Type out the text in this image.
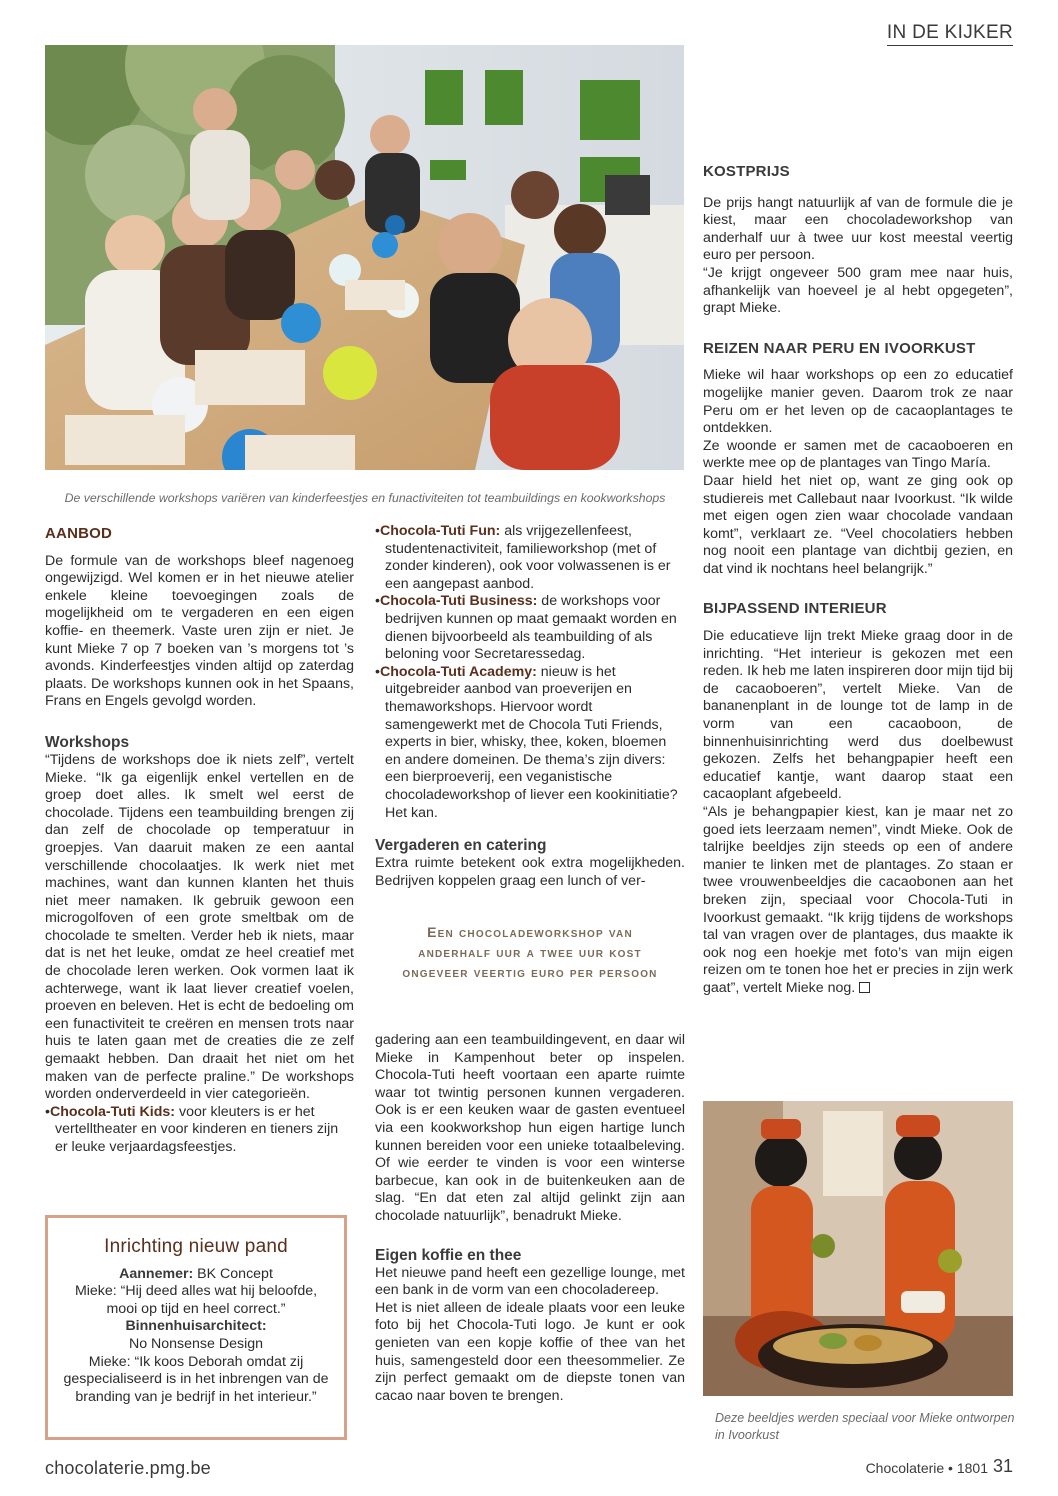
IN DE KIJKER
De verschillende workshops variëren van kinderfeestjes en funactiviteiten tot teambuildings en kookworkshops
AANBOD

De formule van de workshops bleef nagenoeg ongewijzigd. Wel komen er in het nieuwe atelier enkele kleine toevoegingen zoals de mogelijkheid om te vergaderen en een eigen koffie- en theemerk. Vaste uren zijn er niet. Je kunt Mieke 7 op 7 boeken van ’s morgens tot ’s avonds. Kinderfeestjes vinden altijd op zaterdag plaats. De workshops kunnen ook in het Spaans, Frans en Engels gevolgd worden.

Workshops

“Tijdens de workshops doe ik niets zelf”, vertelt Mieke. “Ik ga eigenlijk enkel vertellen en de groep doet alles. Ik smelt wel eerst de chocolade. Tijdens een teambuilding brengen zij dan zelf de chocolade op temperatuur in groepjes. Van daaruit maken ze een aantal verschillende chocolaatjes. Ik werk niet met machines, want dan kunnen klanten het thuis niet meer namaken. Ik gebruik gewoon een microgolfoven of een grote smeltbak om de chocolade te smelten. Verder heb ik niets, maar dat is net het leuke, omdat ze heel creatief met de chocolade leren werken. Ook vormen laat ik achterwege, want ik laat liever creatief voelen, proeven en beleven. Het is echt de bedoeling om een funactiviteit te creëren en mensen trots naar huis te laten gaan met de creaties die ze zelf gemaakt hebben. Dan draait het niet om het maken van de perfecte praline.” De workshops worden onderverdeeld in vier categorieën.

•Chocola-Tuti Kids: voor kleuters is er het vertelltheater en voor kinderen en tieners zijn er leuke verjaardagsfeestjes.

Inrichting nieuw pand
Aannemer: BK Concept
Mieke: “Hij deed alles wat hij beloofde, mooi op tijd en heel correct.”
Binnenhuisarchitect:
No Nonsense Design
Mieke: “Ik koos Deborah omdat zij gespecialiseerd is in het inbrengen van de branding van je bedrijf in het interieur.”

•Chocola-Tuti Fun: als vrijgezellenfeest, studentenactiviteit, familieworkshop (met of zonder kinderen), ook voor volwassenen is er een aangepast aanbod.

•Chocola-Tuti Business: de workshops voor bedrijven kunnen op maat gemaakt worden en dienen bijvoorbeeld als teambuilding of als beloning voor Secretaressedag.

•Chocola-Tuti Academy: nieuw is het uitgebreider aanbod van proeverijen en themaworkshops. Hiervoor wordt samengewerkt met de Chocola Tuti Friends, experts in bier, whisky, thee, koken, bloemen en andere domeinen. De thema’s zijn divers: een bierproeverij, een veganistische chocoladeworkshop of liever een kookinitiatie? Het kan.

Vergaderen en catering

Extra ruimte betekent ook extra mogelijkheden. Bedrijven koppelen graag een lunch of ver-

Een chocoladeworkshop van
anderhalf uur a twee uur kost
ongeveer veertig euro per persoon

gadering aan een teambuildingevent, en daar wil Mieke in Kampenhout beter op inspelen. Chocola-Tuti heeft voortaan een aparte ruimte waar tot twintig personen kunnen vergaderen. Ook is er een keuken waar de gasten eventueel via een kookworkshop hun eigen hartige lunch kunnen bereiden voor een unieke totaalbeleving. Of wie eerder te vinden is voor een winterse barbecue, kan ook in de buitenkeuken aan de slag. “En dat eten zal altijd gelinkt zijn aan chocolade natuurlijk”, benadrukt Mieke.

Eigen koffie en thee

Het nieuwe pand heeft een gezellige lounge, met een bank in de vorm van een chocoladereep.

Het is niet alleen de ideale plaats voor een leuke foto bij het Chocola-Tuti logo. Je kunt er ook genieten van een kopje koffie of thee van het huis, samengesteld door een theesommelier. Ze zijn perfect gemaakt om de diepste tonen van cacao naar boven te brengen.

KOSTPRIJS

De prijs hangt natuurlijk af van de formule die je kiest, maar een chocoladeworkshop van anderhalf uur à twee uur kost meestal veertig euro per persoon.

“Je krijgt ongeveer 500 gram mee naar huis, afhankelijk van hoeveel je al hebt opgegeten”, grapt Mieke.

REIZEN NAAR PERU EN IVOORKUST

Mieke wil haar workshops op een zo educatief mogelijke manier geven. Daarom trok ze naar Peru om er het leven op de cacaoplantages te ontdekken.

Ze woonde er samen met de cacaoboeren en werkte mee op de plantages van Tingo María.

Daar hield het niet op, want ze ging ook op studiereis met Callebaut naar Ivoorkust. “Ik wilde met eigen ogen zien waar chocolade vandaan komt”, verklaart ze. “Veel chocolatiers hebben nog nooit een plantage van dichtbij gezien, en dat vind ik nochtans heel belangrijk.”

BIJPASSEND INTERIEUR

Die educatieve lijn trekt Mieke graag door in de inrichting. “Het interieur is gekozen met een reden. Ik heb me laten inspireren door mijn tijd bij de cacaoboeren”, vertelt Mieke. Van de bananenplant in de lounge tot de lamp in de vorm van een cacaoboon, de binnenhuisinrichting werd dus doelbewust gekozen. Zelfs het behangpapier heeft een educatief kantje, want daarop staat een cacaoplant afgebeeld.

“Als je behangpapier kiest, kan je maar net zo goed iets leerzaam nemen”, vindt Mieke. Ook de talrijke beeldjes zijn steeds op een of andere manier te linken met de plantages. Zo staan er twee vrouwenbeeldjes die cacaobonen aan het breken zijn, speciaal voor Chocola-Tuti in Ivoorkust gemaakt. “Ik krijg tijdens de workshops tal van vragen over de plantages, dus maakte ik ook nog een hoekje met foto’s van mijn eigen reizen om te tonen hoe het er precies in zijn werk gaat”, vertelt Mieke nog.

Deze beeldjes werden speciaal voor Mieke ontworpen in Ivoorkust
chocolaterie.pmg.be	Chocolaterie • 1801 31
